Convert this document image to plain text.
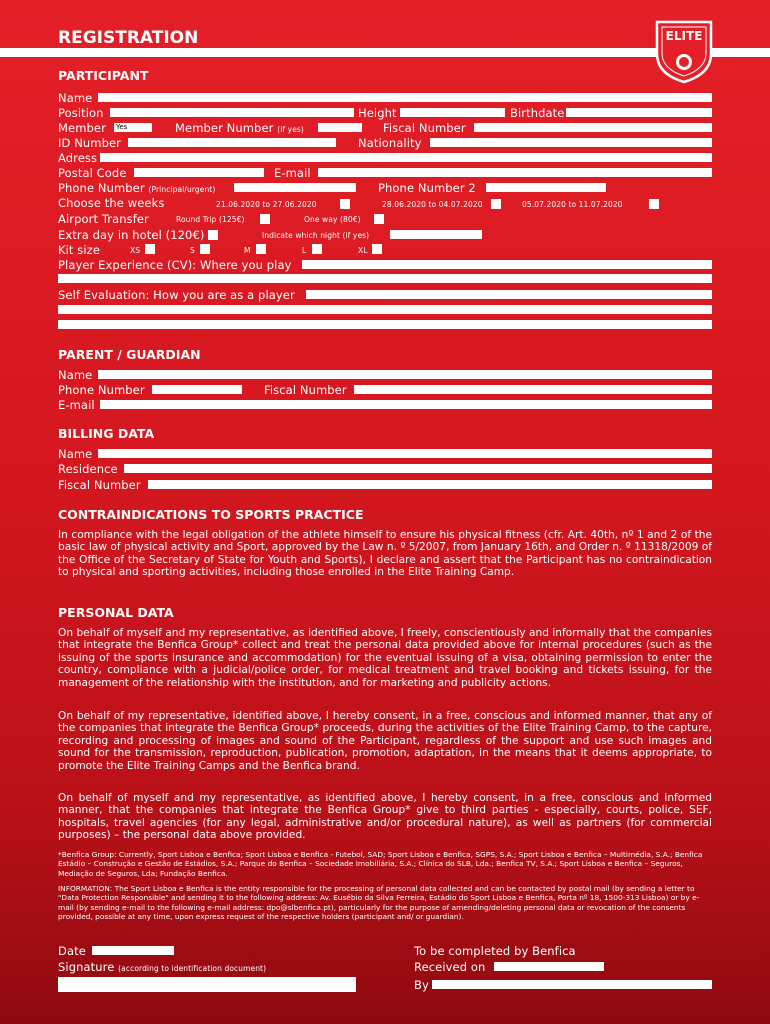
REGISTRATION	ELITE
TRAINING CAMP
PARTICIPANT
Name
Position	Height	Birthdate
Member Yes	Member Number (if yes)	Fiscal Number
ID Number	Nationality
Adress
Postal Code	E-mail
Phone Number (Principal/urgent)	Phone Number 2
Choose the weeks	21.06.2020 to 27.06.2020	28.06.2020 to 04.07.2020	05.07.2020 to 11.07.2020
Airport Transfer	Round Trip (125€)	One way (80€)
Extra day in hotel (120€)	Indicate which night (if yes)
Kit size	XS	S	M	L	XL
Player Experience (CV): Where you play
Self Evaluation: How you are as a player
PARENT / GUARDIAN
Name
Phone Number	Fiscal Number
E-mail
BILLING DATA
Name
Residence
Fiscal Number
CONTRAINDICATIONS TO SPORTS PRACTICE
In compliance with the legal obligation of the athlete himself to ensure his physical fitness (cfr. Art. 40th, nº 1 and 2 of the basic law of physical activity and Sport, approved by the Law n. º 5/2007, from January 16th, and Order n. º 11318/2009 of the Office of the Secretary of State for Youth and Sports), I declare and assert that the Participant has no contraindication to physical and sporting activities, including those enrolled in the Elite Training Camp.
PERSONAL DATA
On behalf of myself and my representative, as identified above, I freely, conscientiously and informally that the companies that integrate the Benfica Group* collect and treat the personal data provided above for internal procedures (such as the issuing of the sports insurance and accommodation) for the eventual issuing of a visa, obtaining permission to enter the country, compliance with a judicial/police order, for medical treatment and travel booking and tickets issuing, for the management of the relationship with the institution, and for marketing and publicity actions.
On behalf of my representative, identified above, I hereby consent, in a free, conscious and informed manner, that any of the companies that integrate the Benfica Group* proceeds, during the activities of the Elite Training Camp, to the capture, recording and processing of images and sound of the Participant, regardless of the support and use such images and sound for the transmission, reproduction, publication, promotion, adaptation, in the means that it deems appropriate, to promote the Elite Training Camps and the Benfica brand.
On behalf of myself and my representative, as identified above, I hereby consent, in a free, conscious and informed manner, that the companies that integrate the Benfica Group* give to third parties - especially, courts, police, SEF, hospitals, travel agencies (for any legal, administrative and/or procedural nature), as well as partners (for commercial purposes) – the personal data above provided.
*Benfica Group: Currently, Sport Lisboa e Benfica; Sport Lisboa e Benfica - Futebol, SAD; Sport Lisboa e Benfica, SGPS, S.A.; Sport Lisboa e Benfica – Multimédia, S.A.; Benfica Estádio – Construção e Gestão de Estádios, S.A.; Parque do Benfica – Sociedade Imobiliária, S.A.; Clínica do SLB, Lda.; Benfica TV, S.A.; Sport Lisboa e Benfica – Seguros, Mediação de Seguros, Lda; Fundação Benfica.
INFORMATION: The Sport Lisboa e Benfica is the entity responsible for the processing of personal data collected and can be contacted by postal mail (by sending a letter to "Data Protection Responsible" and sending it to the following address: Av. Eusébio da Silva Ferreira, Estádio do Sport Lisboa e Benfica, Porta nº 18, 1500-313 Lisboa) or by e-mail (by sending e-mail to the following e-mail address: dpo@slbenfica.pt), particularly for the purpose of amending/deleting personal data or revocation of the consents provided, possible at any time, upon express request of the respective holders (participant and/ or guardian).
Date
Signature (according to identification document)
To be completed by Benfica
Received on
By
